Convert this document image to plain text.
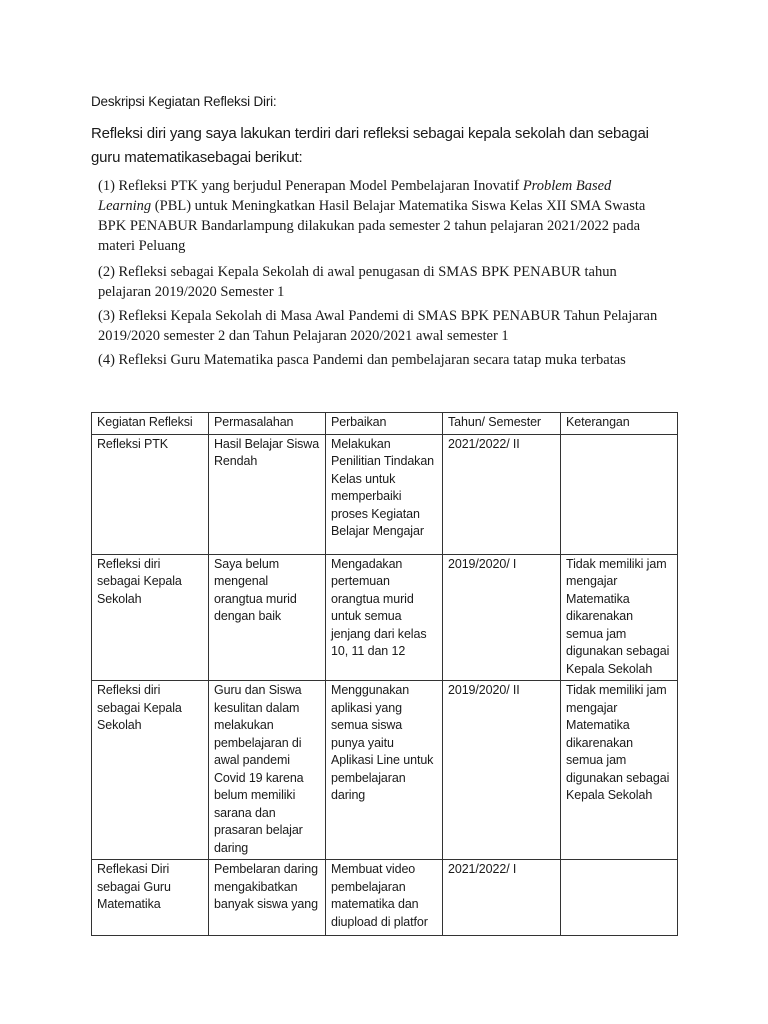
Deskripsi Kegiatan Refleksi Diri:
Refleksi diri yang saya lakukan terdiri dari refleksi sebagai kepala sekolah dan sebagai guru matematikasebagai berikut:

(1) Refleksi PTK yang berjudul Penerapan Model Pembelajaran Inovatif Problem Based Learning (PBL) untuk Meningkatkan Hasil Belajar Matematika Siswa Kelas XII SMA Swasta BPK PENABUR Bandarlampung dilakukan pada semester 2 tahun pelajaran 2021/2022 pada materi Peluang

(2) Refleksi sebagai Kepala Sekolah di awal penugasan di SMAS BPK PENABUR tahun pelajaran 2019/2020 Semester 1

(3) Refleksi Kepala Sekolah di Masa Awal Pandemi di SMAS BPK PENABUR Tahun Pelajaran 2019/2020 semester 2 dan Tahun Pelajaran 2020/2021 awal semester 1

(4) Refleksi Guru Matematika pasca Pandemi dan pembelajaran secara tatap muka terbatas

Kegiatan Refleksi	Permasalahan	Perbaikan	Tahun/ Semester	Keterangan
Refleksi PTK	Hasil Belajar Siswa Rendah	Melakukan Penilitian Tindakan Kelas untuk memperbaiki proses Kegiatan Belajar Mengajar	2021/2022/ II	
Refleksi diri sebagai Kepala Sekolah	Saya belum mengenal orangtua murid dengan baik	Mengadakan pertemuan orangtua murid untuk semua jenjang dari kelas 10, 11 dan 12	2019/2020/ I	Tidak memiliki jam mengajar Matematika dikarenakan semua jam digunakan sebagai Kepala Sekolah
Refleksi diri sebagai Kepala Sekolah	Guru dan Siswa kesulitan dalam melakukan pembelajaran di awal pandemi Covid 19 karena belum memiliki sarana dan prasaran belajar daring	Menggunakan aplikasi yang semua siswa punya yaitu Aplikasi Line untuk pembelajaran daring	2019/2020/ II	Tidak memiliki jam mengajar Matematika dikarenakan semua jam digunakan sebagai Kepala Sekolah
Reflekasi Diri sebagai Guru Matematika	Pembelaran daring mengakibatkan banyak siswa yang	Membuat video pembelajaran matematika dan diupload di platfor	2021/2022/ I	
